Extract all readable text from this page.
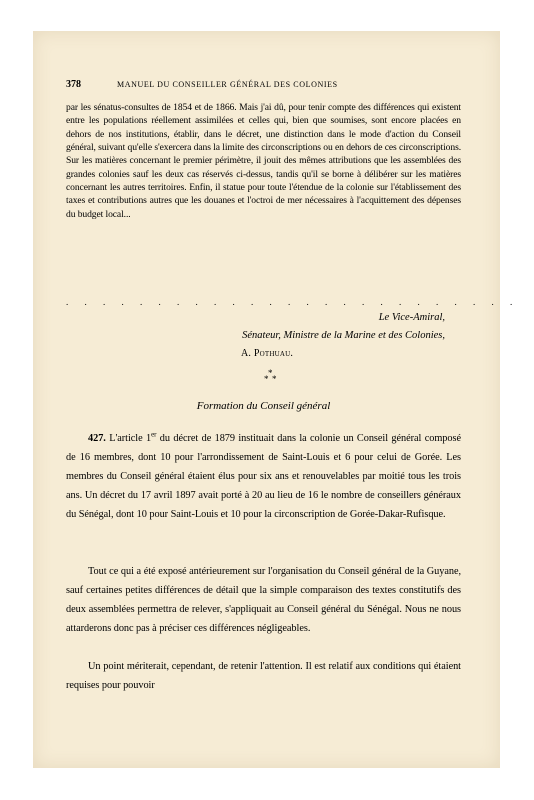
378	MANUEL DU CONSEILLER GÉNÉRAL DES COLONIES
par les sénatus-consultes de 1854 et de 1866. Mais j'ai dû, pour tenir compte des différences qui existent entre les populations réellement assimilées et celles qui, bien que soumises, sont encore placées en dehors de nos institutions, établir, dans le décret, une distinction dans le mode d'action du Conseil général, suivant qu'elle s'exercera dans la limite des circonscriptions ou en dehors de ces circonscriptions. Sur les matières concernant le premier périmètre, il jouit des mêmes attributions que les assemblées des grandes colonies sauf les deux cas réservés ci-dessus, tandis qu'il se borne à délibérer sur les matières concernant les autres territoires. Enfin, il statue pour toute l'étendue de la colonie sur l'établissement des taxes et contributions autres que les douanes et l'octroi de mer nécessaires à l'acquittement des dépenses du budget local...
. . . . . . . . . . . . . . . . . . . . . . . . .
Le Vice-Amiral,
Sénateur, Ministre de la Marine et des Colonies,
A. Pothuau.
*
* *
Formation du Conseil général
427. L'article 1er du décret de 1879 instituait dans la colonie un Conseil général composé de 16 membres, dont 10 pour l'arrondissement de Saint-Louis et 6 pour celui de Gorée. Les membres du Conseil général étaient élus pour six ans et renouvelables par moitié tous les trois ans. Un décret du 17 avril 1897 avait porté à 20 au lieu de 16 le nombre de conseillers généraux du Sénégal, dont 10 pour Saint-Louis et 10 pour la circonscription de Gorée-Dakar-Rufisque.
Tout ce qui a été exposé antérieurement sur l'organisation du Conseil général de la Guyane, sauf certaines petites différences de détail que la simple comparaison des textes constitutifs des deux assemblées permettra de relever, s'appliquait au Conseil général du Sénégal. Nous ne nous attarderons donc pas à préciser ces différences négligeables.
Un point mériterait, cependant, de retenir l'attention. Il est relatif aux conditions qui étaient requises pour pouvoir
